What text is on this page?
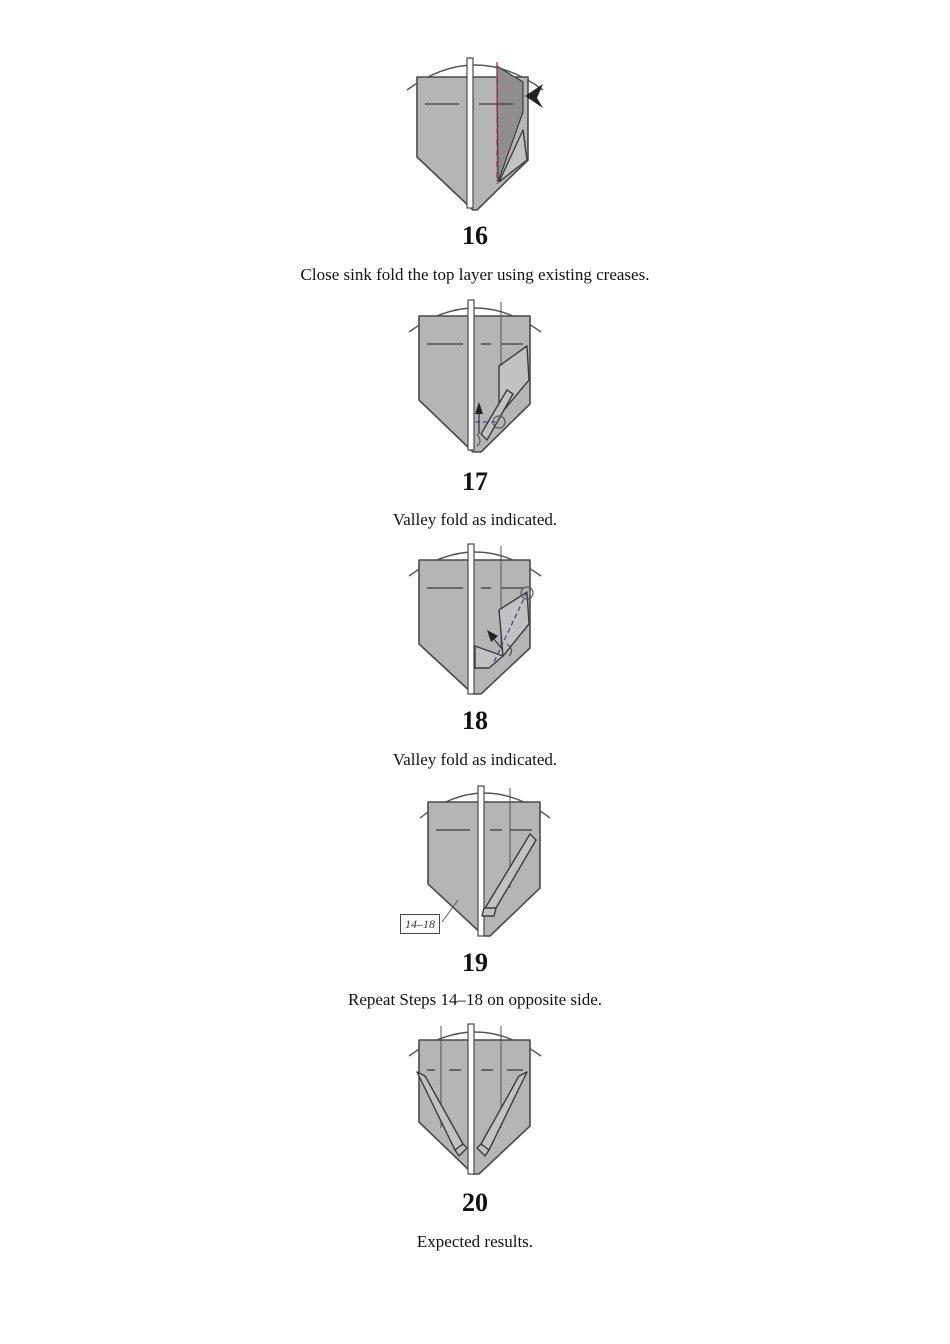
16
Close sink fold the top layer using existing creases.
17
Valley fold as indicated.
18
Valley fold as indicated.
14–18
19
Repeat Steps 14–18 on opposite side.
20
Expected results.
